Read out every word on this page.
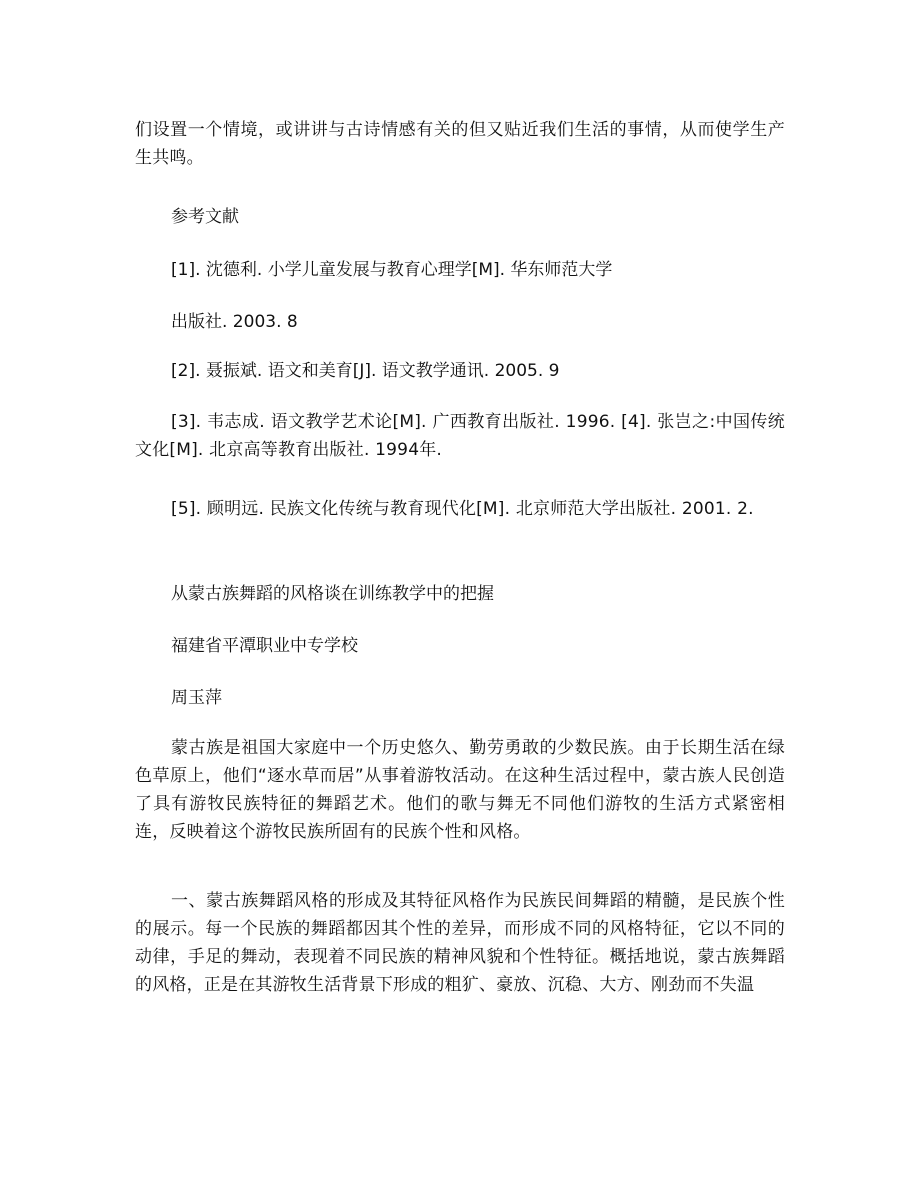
们设置一个情境，或讲讲与古诗情感有关的但又贴近我们生活的事情，从而使学生产生共鸣。

参考文献

[1]. 沈德利. 小学儿童发展与教育心理学[M]. 华东师范大学

出版社. 2003. 8

[2]. 聂振斌. 语文和美育[J]. 语文教学通讯. 2005. 9

[3]. 韦志成. 语文教学艺术论[M]. 广西教育出版社. 1996. [4]. 张岂之:中国传统文化[M]. 北京高等教育出版社. 1994年.

[5]. 顾明远. 民族文化传统与教育现代化[M]. 北京师范大学出版社. 2001. 2.

从蒙古族舞蹈的风格谈在训练教学中的把握

福建省平潭职业中专学校

周玉萍

蒙古族是祖国大家庭中一个历史悠久、勤劳勇敢的少数民族。由于长期生活在绿色草原上，他们“逐水草而居”从事着游牧活动。在这种生活过程中，蒙古族人民创造了具有游牧民族特征的舞蹈艺术。他们的歌与舞无不同他们游牧的生活方式紧密相连，反映着这个游牧民族所固有的民族个性和风格。

一、蒙古族舞蹈风格的形成及其特征风格作为民族民间舞蹈的精髓，是民族个性的展示。每一个民族的舞蹈都因其个性的差异，而形成不同的风格特征，它以不同的动律，手足的舞动，表现着不同民族的精神风貌和个性特征。概括地说，蒙古族舞蹈的风格，正是在其游牧生活背景下形成的粗犷、豪放、沉稳、大方、刚劲而不失温
